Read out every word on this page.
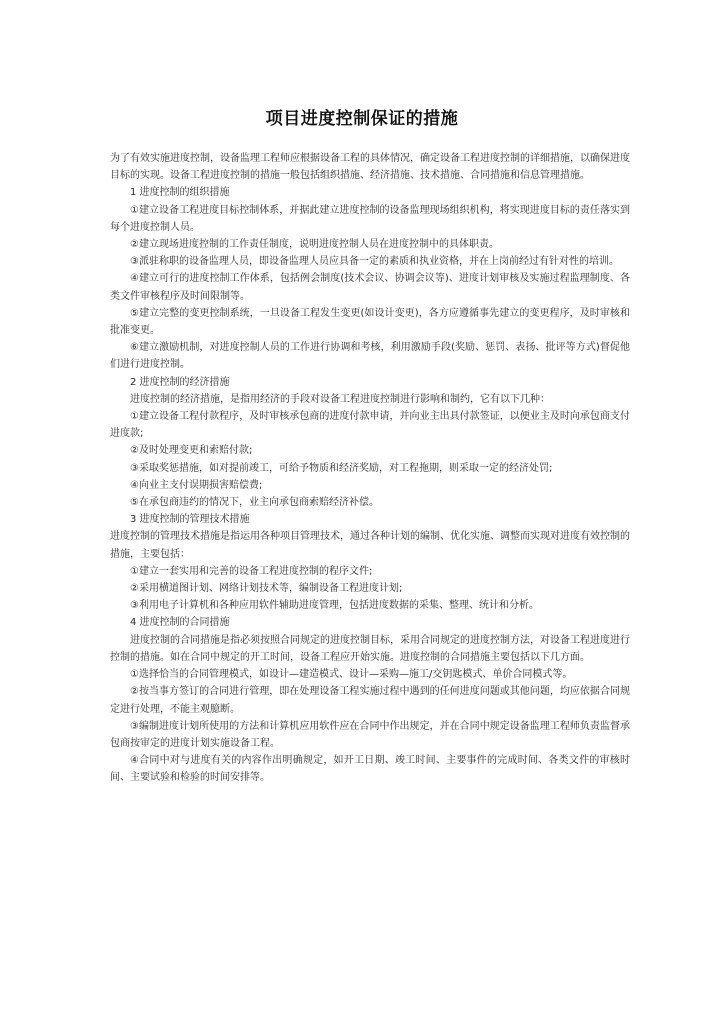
项目进度控制保证的措施

为了有效实施进度控制，设备监理工程师应根据设备工程的具体情况，确定设备工程进度控制的详细措施，以确保进度目标的实现。设备工程进度控制的措施一般包括组织措施、经济措施、技术措施、合同措施和信息管理措施。

1 进度控制的组织措施

①建立设备工程进度目标控制体系，并据此建立进度控制的设备监理现场组织机构，将实现进度目标的责任落实到每个进度控制人员。

②建立现场进度控制的工作责任制度，说明进度控制人员在进度控制中的具体职责。

③派驻称职的设备监理人员，即设备监理人员应具备一定的素质和执业资格，并在上岗前经过有针对性的培训。

④建立可行的进度控制工作体系，包括例会制度(技术会议、协调会议等)、进度计划审核及实施过程监理制度、各类文件审核程序及时间限制等。

⑤建立完整的变更控制系统，一旦设备工程发生变更(如设计变更)，各方应遵循事先建立的变更程序，及时审核和批准变更。

⑥建立激励机制，对进度控制人员的工作进行协调和考核，利用激励手段(奖励、惩罚、表扬、批评等方式)督促他们进行进度控制。

2 进度控制的经济措施

进度控制的经济措施，是指用经济的手段对设备工程进度控制进行影响和制约，它有以下几种：

①建立设备工程付款程序，及时审核承包商的进度付款申请，并向业主出具付款签证，以便业主及时向承包商支付进度款;

②及时处理变更和索赔付款;

③采取奖惩措施，如对提前竣工，可给予物质和经济奖励，对工程拖期，则采取一定的经济处罚;

④向业主支付误期损害赔偿费;

⑤在承包商违约的情况下，业主向承包商索赔经济补偿。

3 进度控制的管理技术措施

进度控制的管理技术措施是指运用各种项目管理技术，通过各种计划的编制、优化实施、调整而实现对进度有效控制的措施，主要包括：

①建立一套实用和完善的设备工程进度控制的程序文件;

②采用横道图计划、网络计划技术等，编制设备工程进度计划;

③利用电子计算机和各种应用软件辅助进度管理，包括进度数据的采集、整理、统计和分析。

4 进度控制的合同措施

进度控制的合同措施是指必须按照合同规定的进度控制目标，采用合同规定的进度控制方法，对设备工程进度进行控制的措施。如在合同中规定的开工时间，设备工程应开始实施。进度控制的合同措施主要包括以下几方面。

①选择恰当的合同管理模式，如设计—建造模式、设计—采购—施工/交钥匙模式、单价合同模式等。

②按当事方签订的合同进行管理，即在处理设备工程实施过程中遇到的任何进度问题或其他问题，均应依据合同规定进行处理，不能主观臆断。

③编制进度计划所使用的方法和计算机应用软件应在合同中作出规定，并在合同中规定设备监理工程师负责监督承包商按审定的进度计划实施设备工程。

④合同中对与进度有关的内容作出明确规定，如开工日期、竣工时间、主要事件的完成时间、各类文件的审核时间、主要试验和检验的时间安排等。
